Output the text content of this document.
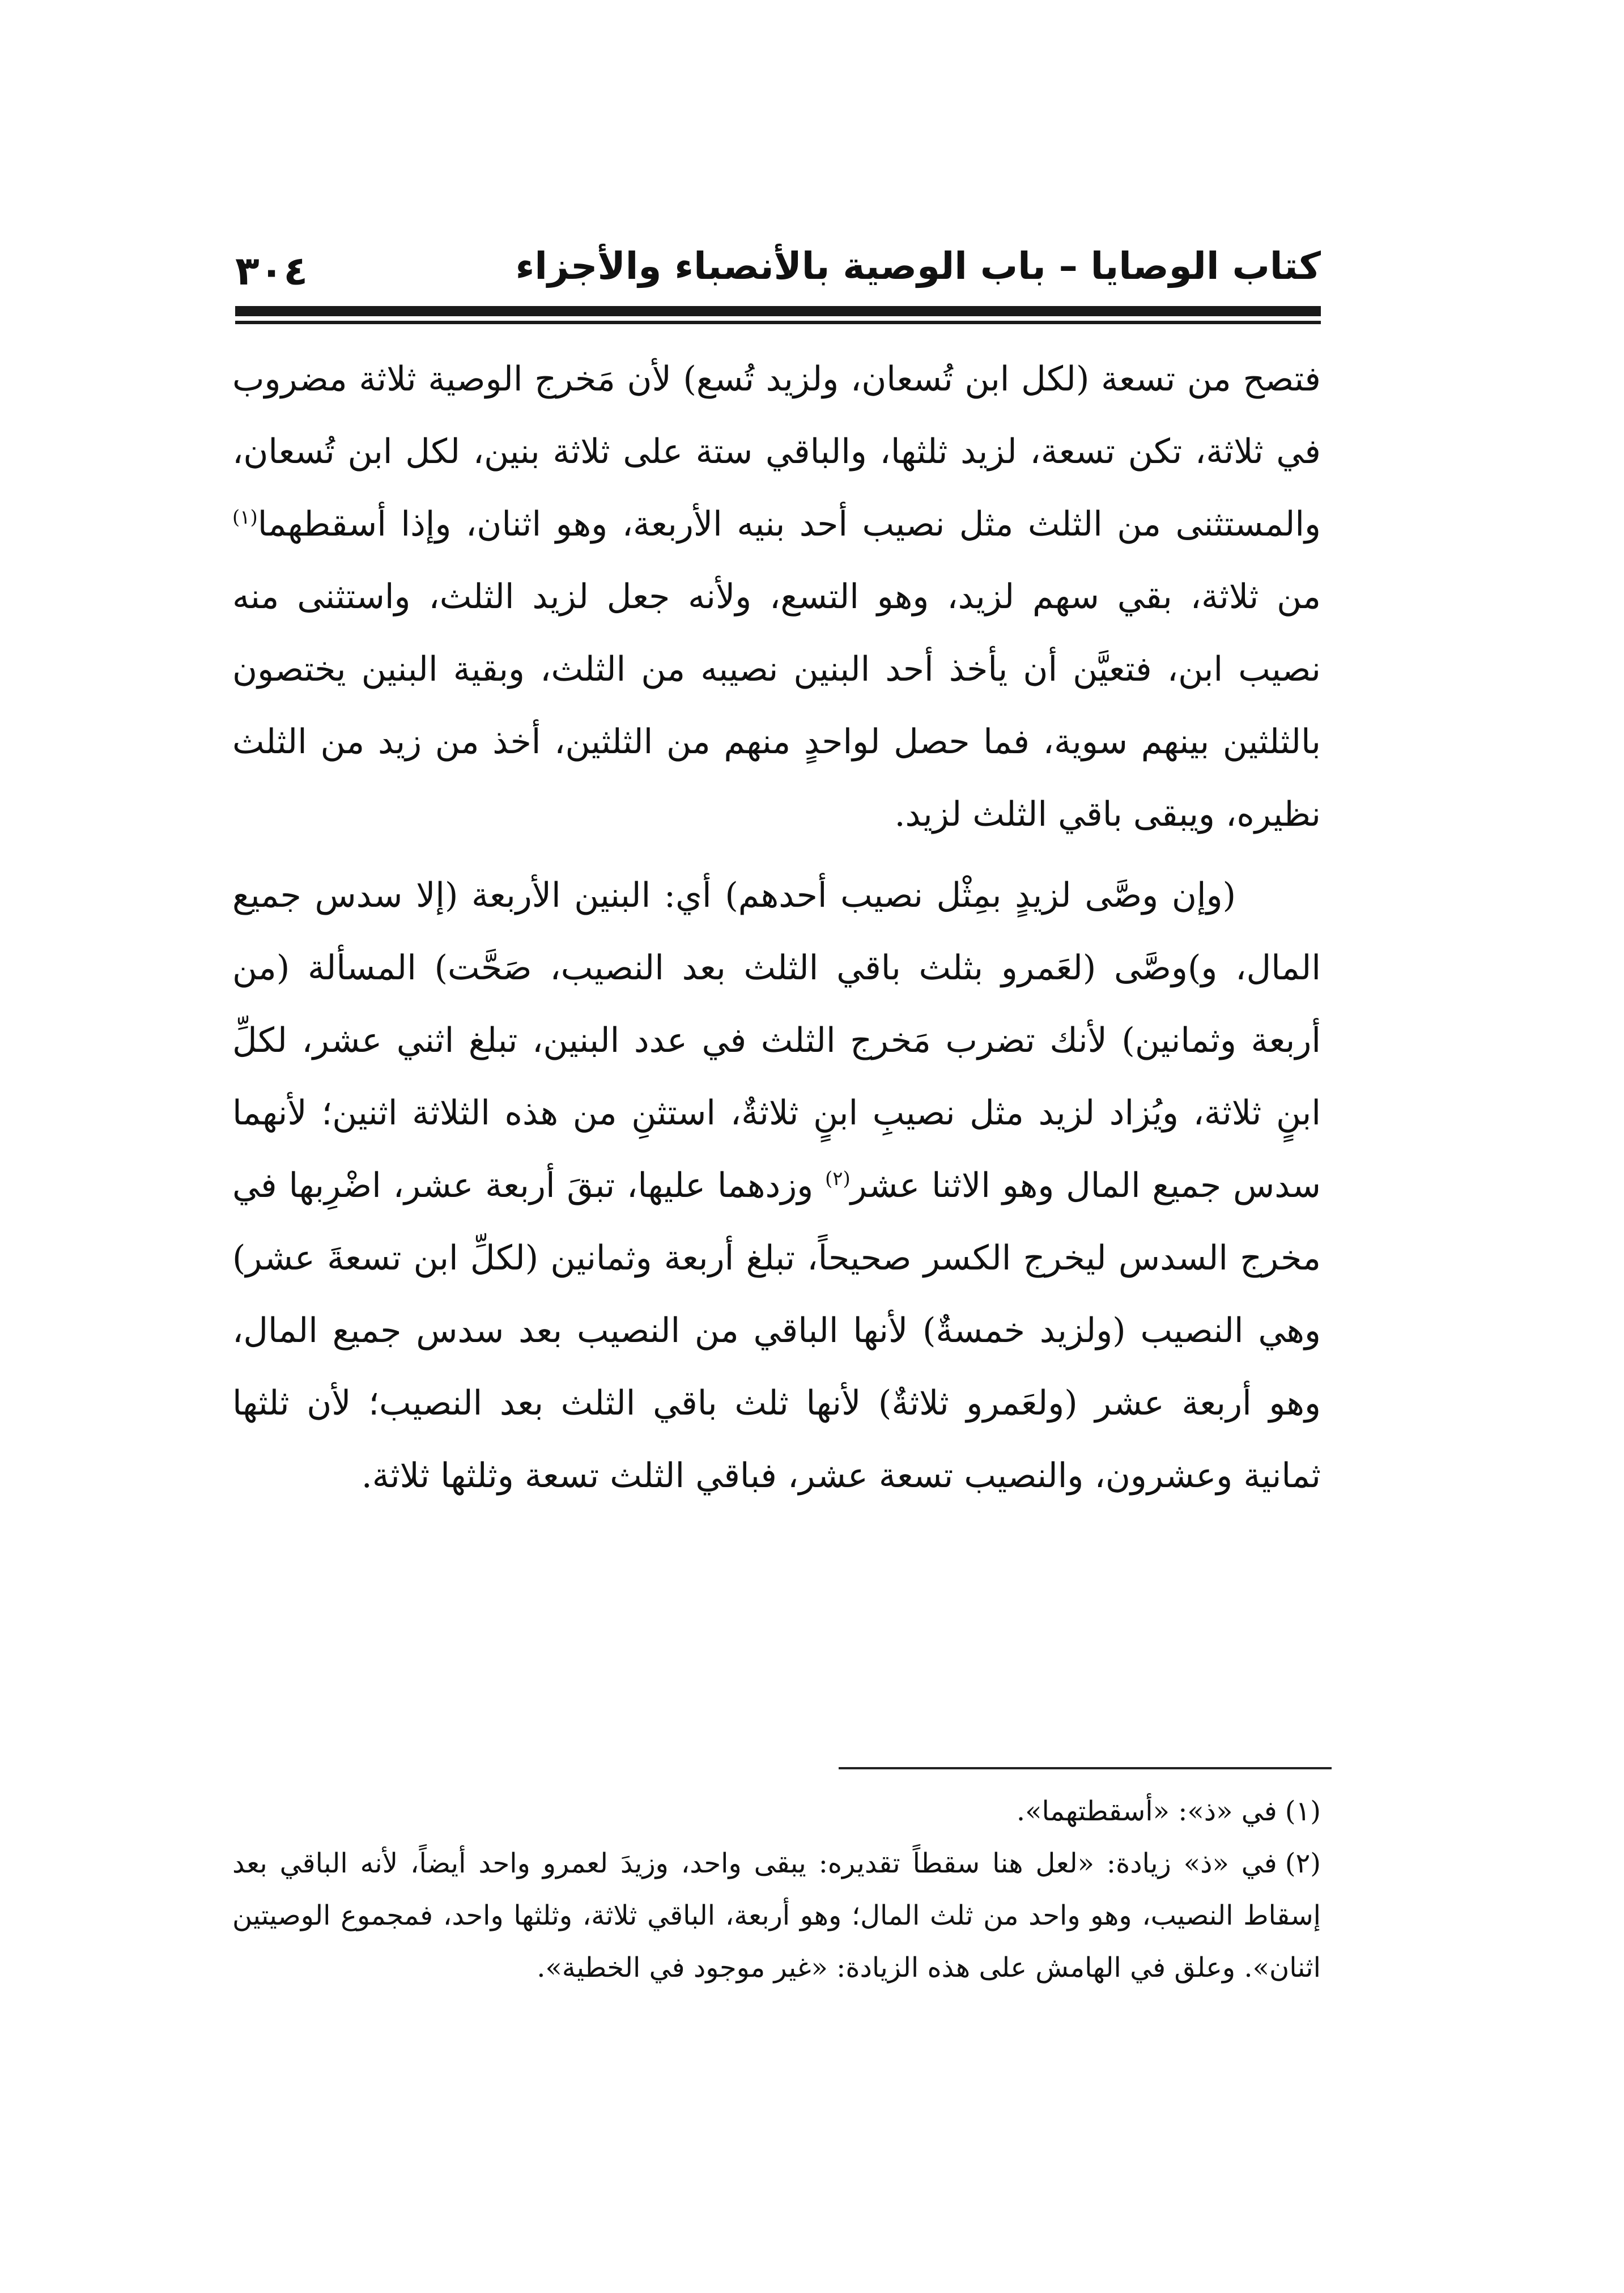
كتاب الوصايا – باب الوصية بالأنصباء والأجزاء
٣٠٤

فتصح من تسعة (لكل ابن تُسعان، ولزيد تُسع) لأن مَخرج الوصية ثلاثة مضروب في ثلاثة، تكن تسعة، لزيد ثلثها، والباقي ستة على ثلاثة بنين، لكل ابن تُسعان، والمستثنى من الثلث مثل نصيب أحد بنيه الأربعة، وهو اثنان، وإذا أسقطهما$^{(١)}$ من ثلاثة، بقي سهم لزيد، وهو التسع، ولأنه جعل لزيد الثلث، واستثنى منه نصيب ابن، فتعيَّن أن يأخذ أحد البنين نصيبه من الثلث، وبقية البنين يختصون بالثلثين بينهم سوية، فما حصل لواحدٍ منهم من الثلثين، أخذ من زيد من الثلث نظيره، ويبقى باقي الثلث لزيد.

(وإن وصَّى لزيدٍ بمِثْل نصيب أحدهم) أي: البنين الأربعة (إلا سدس جميع المال، و)وصَّى (لعَمرو بثلث باقي الثلث بعد النصيب، صَحَّت) المسألة (من أربعة وثمانين) لأنك تضرب مَخرج الثلث في عدد البنين، تبلغ اثني عشر، لكلِّ ابنٍ ثلاثة، ويُزاد لزيد مثل نصيبِ ابنٍ ثلاثةٌ، استثنِ من هذه الثلاثة اثنين؛ لأنهما سدس جميع المال وهو الاثنا عشر$^{(٢)}$ وزدهما عليها، تبقَ أربعة عشر، اضْرِبها في مخرج السدس ليخرج الكسر صحيحاً، تبلغ أربعة وثمانين (لكلِّ ابن تسعةَ عشر) وهي النصيب (ولزيد خمسةٌ) لأنها الباقي من النصيب بعد سدس جميع المال، وهو أربعة عشر (ولعَمرو ثلاثةٌ) لأنها ثلث باقي الثلث بعد النصيب؛ لأن ثلثها ثمانية وعشرون، والنصيب تسعة عشر، فباقي الثلث تسعة وثلثها ثلاثة.

(١)في «ذ»: «أسقطتهما».

(٢)في «ذ» زيادة: «لعل هنا سقطاً تقديره: يبقى واحد، وزيدَ لعمرو واحد أيضاً، لأنه الباقي بعد إسقاط النصيب، وهو واحد من ثلث المال؛ وهو أربعة، الباقي ثلاثة، وثلثها واحد، فمجموع الوصيتين اثنان». وعلق في الهامش على هذه الزيادة: «غير موجود في الخطية».
